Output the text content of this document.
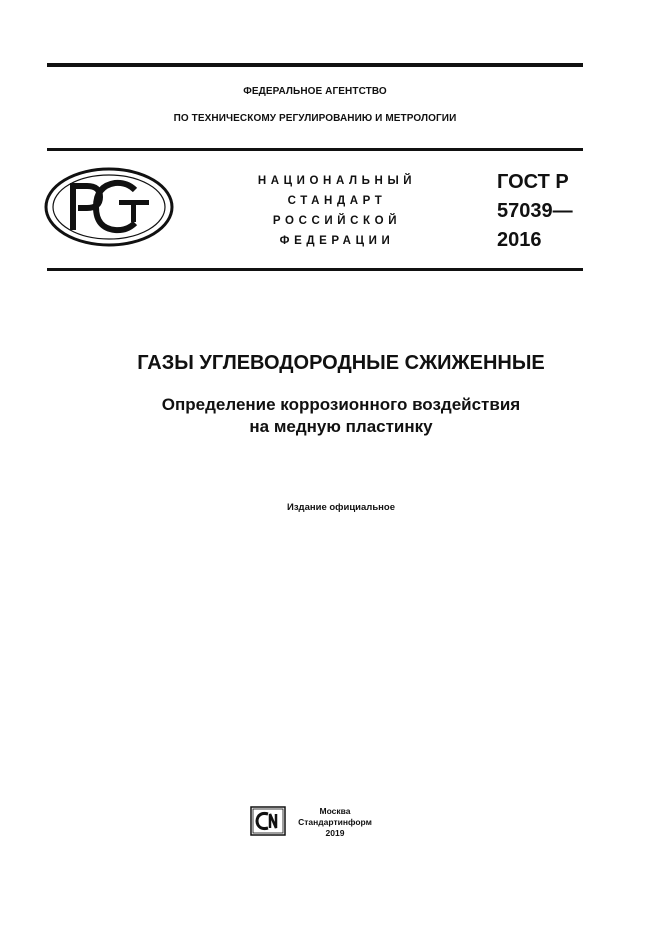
ФЕДЕРАЛЬНОЕ АГЕНТСТВО
ПО ТЕХНИЧЕСКОМУ РЕГУЛИРОВАНИЮ И МЕТРОЛОГИИ
НАЦИОНАЛЬНЫЙ
СТАНДАРТ
РОССИЙСКОЙ
ФЕДЕРАЦИИ
ГОСТ Р
57039—
2016
ГАЗЫ УГЛЕВОДОРОДНЫЕ СЖИЖЕННЫЕ
Определение коррозионного воздействия
на медную пластинку
Издание официальное
Москва
Стандартинформ
2019
